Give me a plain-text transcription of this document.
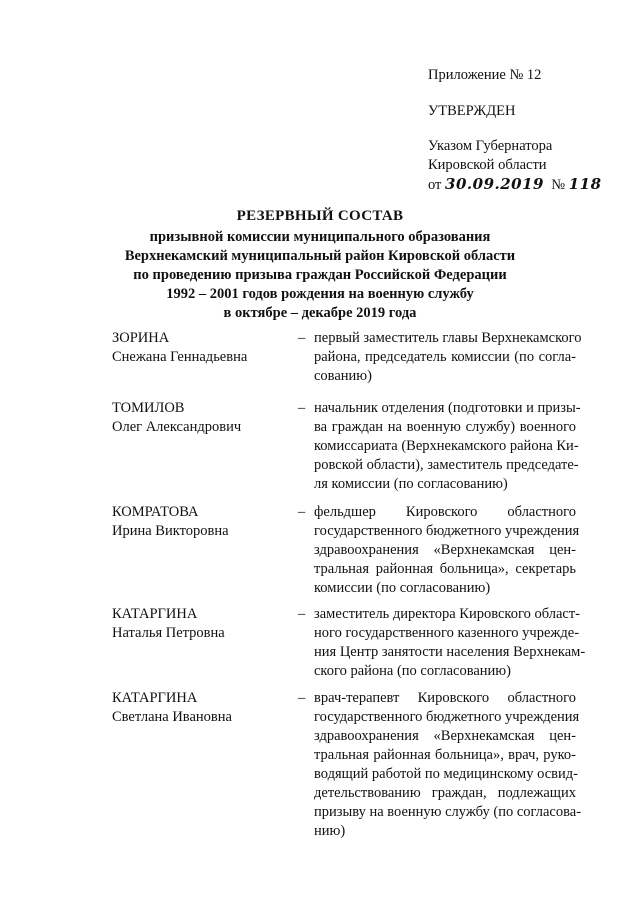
Приложение № 12
УТВЕРЖДЕН
Указом Губернатора
Кировской области
от 30.09.2019 № 118
РЕЗЕРВНЫЙ СОСТАВ
призывной комиссии муниципального образования
Верхнекамский муниципальный район Кировской области
по проведению призыва граждан Российской Федерации
1992 – 2001 годов рождения на военную службу
в октябре – декабре 2019 года
ЗОРИНА
Снежана Геннадьевна
– первый заместитель главы Верхнекамского
района, председатель комиссии (по согла-
сованию)
ТОМИЛОВ
Олег Александрович
– начальник отделения (подготовки и призы-
ва граждан на военную службу) военного
комиссариата (Верхнекамского района Ки-
ровской области), заместитель председате-
ля комиссии (по согласованию)
КОМРАТОВА
Ирина Викторовна
– фельдшер Кировского областного
государственного бюджетного учреждения
здравоохранения «Верхнекамская цен-
тральная районная больница», секретарь
комиссии (по согласованию)
КАТАРГИНА
Наталья Петровна
– заместитель директора Кировского област-
ного государственного казенного учрежде-
ния Центр занятости населения Верхнекам-
ского района (по согласованию)
КАТАРГИНА
Светлана Ивановна
– врач-терапевт Кировского областного
государственного бюджетного учреждения
здравоохранения «Верхнекамская цен-
тральная районная больница», врач, руко-
водящий работой по медицинскому освид-
детельствованию граждан, подлежащих
призыву на военную службу (по согласова-
нию)
